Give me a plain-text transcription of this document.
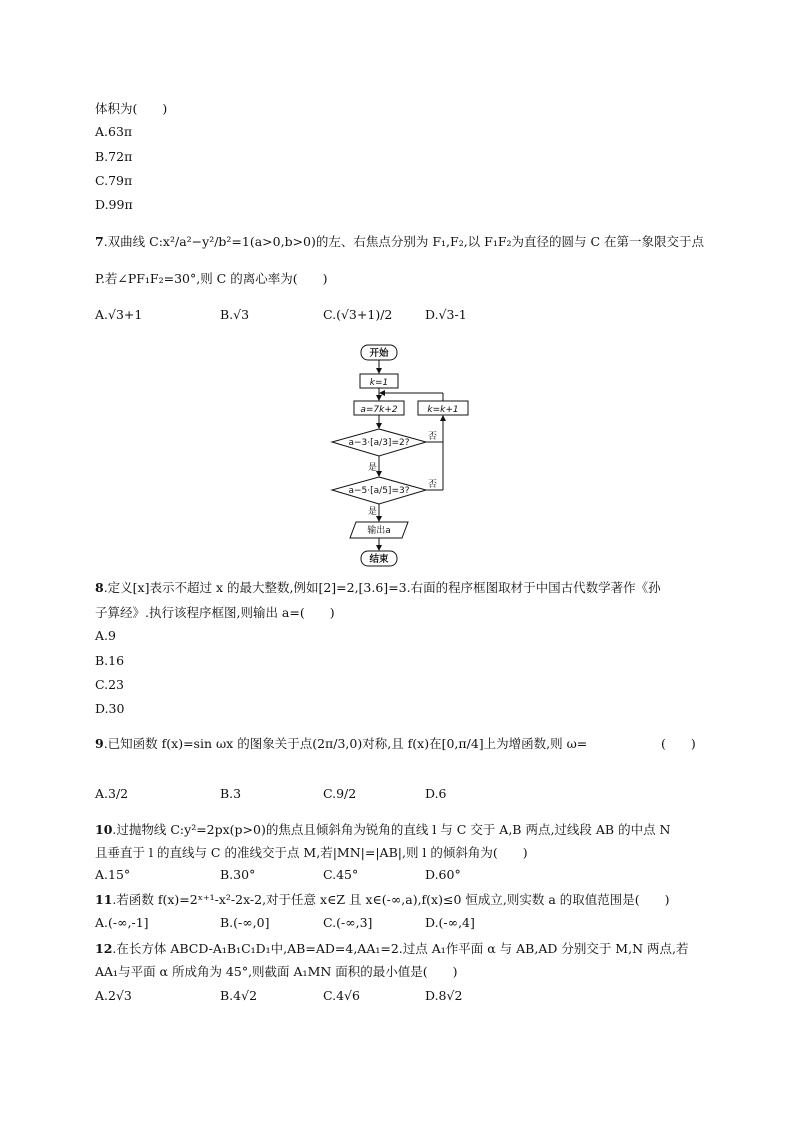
体积为(　　)
A.63π
B.72π
C.79π
D.99π
7.双曲线 C:x²/a²−y²/b²=1(a>0,b>0)的左、右焦点分别为 F₁,F₂,以 F₁F₂为直径的圆与 C 在第一象限交于点
P.若∠PF₁F₂=30°,则 C 的离心率为(　　)
A.√3+1	B.√3	C.(√3+1)/2	D.√3-1
开始
k=1
a=7k+2	k=k+1
a−3·[a/3]=2?
否
是
a−5·[a/5]=3?
否
是
输出a
结束
8.定义[x]表示不超过 x 的最大整数,例如[2]=2,[3.6]=3.右面的程序框图取材于中国古代数学著作《孙
子算经》.执行该程序框图,则输出 a=(　　)
A.9
B.16
C.23
D.30
9.已知函数 f(x)=sin ωx 的图象关于点(2π/3,0)对称,且 f(x)在[0,π/4]上为增函数,则 ω=	(　　)
A.3/2	B.3	C.9/2	D.6
10.过抛物线 C:y²=2px(p>0)的焦点且倾斜角为锐角的直线 l 与 C 交于 A,B 两点,过线段 AB 的中点 N
且垂直于 l 的直线与 C 的准线交于点 M,若|MN|=|AB|,则 l 的倾斜角为(　　)
A.15°	B.30°	C.45°	D.60°
11.若函数 f(x)=2ˣ⁺¹-x²-2x-2,对于任意 x∈Z 且 x∈(-∞,a),f(x)≤0 恒成立,则实数 a 的取值范围是(　　)
A.(-∞,-1]	B.(-∞,0]	C.(-∞,3]	D.(-∞,4]
12.在长方体 ABCD-A₁B₁C₁D₁中,AB=AD=4,AA₁=2.过点 A₁作平面 α 与 AB,AD 分别交于 M,N 两点,若
AA₁与平面 α 所成角为 45°,则截面 A₁MN 面积的最小值是(　　)
A.2√3	B.4√2	C.4√6	D.8√2
